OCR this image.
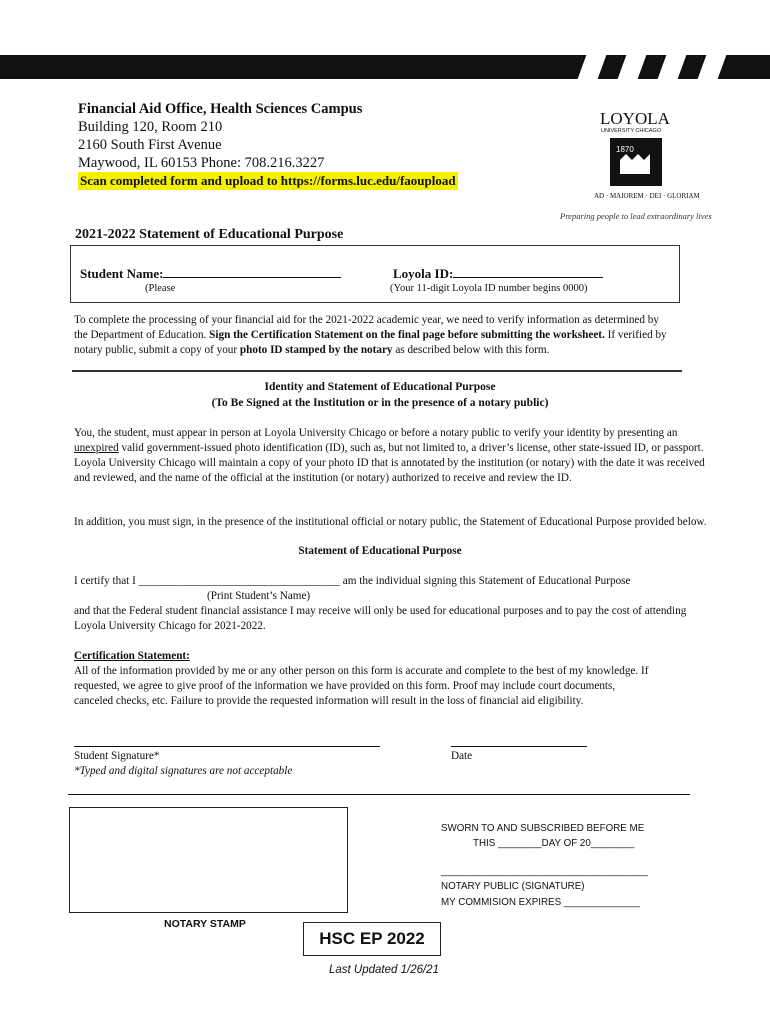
Financial Aid Office, Health Sciences Campus
Building 120, Room 210
2160 South First Avenue
Maywood, IL 60153 Phone: 708.216.3227
Scan completed form and upload to https://forms.luc.edu/faoupload
LOYOLA
UNIVERSITY CHICAGO
1870
AD · MAIOREM · DEI · GLORIAM
Preparing people to lead extraordinary lives
2021-2022 Statement of Educational Purpose
Student Name:
(Please
Loyola ID:
(Your 11-digit Loyola ID number begins 0000)
To complete the processing of your financial aid for the 2021-2022 academic year, we need to verify information as determined by the Department of Education. Sign the Certification Statement on the final page before submitting the worksheet. If verified by notary public, submit a copy of your photo ID stamped by the notary as described below with this form.
Identity and Statement of Educational Purpose
(To Be Signed at the Institution or in the presence of a notary public)
You, the student, must appear in person at Loyola University Chicago or before a notary public to verify your identity by presenting an unexpired valid government-issued photo identification (ID), such as, but not limited to, a driver’s license, other state-issued ID, or passport. Loyola University Chicago will maintain a copy of your photo ID that is annotated by the institution (or notary) with the date it was received and reviewed, and the name of the official at the institution (or notary) authorized to receive and review the ID.
In addition, you must sign, in the presence of the institutional official or notary public, the Statement of Educational Purpose provided below.
Statement of Educational Purpose
I certify that I ____________________________________ am the individual signing this Statement of Educational Purpose
(Print Student’s Name)
and that the Federal student financial assistance I may receive will only be used for educational purposes and to pay the cost of attending Loyola University Chicago for 2021-2022.
Certification Statement:
All of the information provided by me or any other person on this form is accurate and complete to the best of my knowledge. If requested, we agree to give proof of the information we have provided on this form. Proof may include court documents, canceled checks, etc. Failure to provide the requested information will result in the loss of financial aid eligibility.
Student Signature*
*Typed and digital signatures are not acceptable
Date
SWORN TO AND SUBSCRIBED BEFORE ME
THIS ________DAY OF 20________
______________________________________
NOTARY PUBLIC (SIGNATURE)
MY COMMISION EXPIRES ______________
NOTARY STAMP
HSC EP 2022
Last Updated 1/26/21
